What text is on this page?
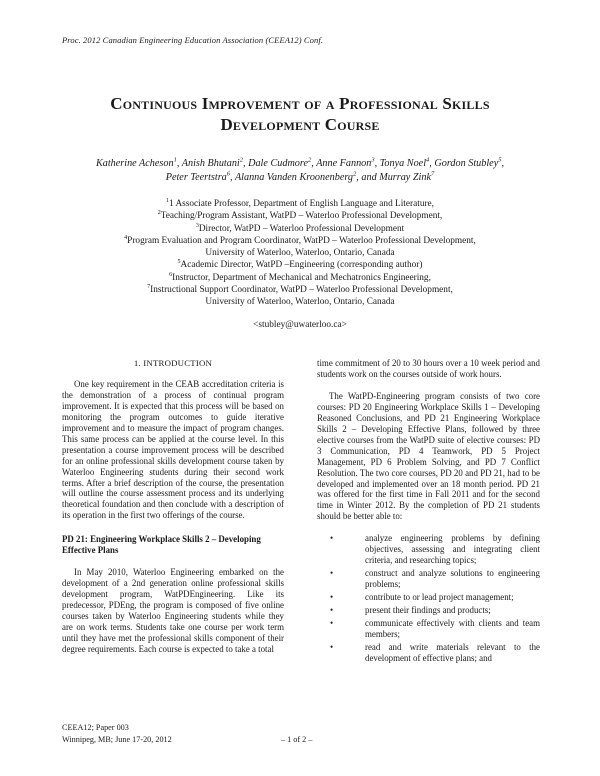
Proc. 2012 Canadian Engineering Education Association (CEEA12) Conf.
Continuous Improvement of a Professional Skills
Development Course
Katherine Acheson$^1$, Anish Bhutani$^2$, Dale Cudmore$^2$, Anne Fannon$^3$, Tonya Noel$^4$, Gordon Stubley$^5$,
Peter Teertstra$^6$, Alanna Vanden Kroonenberg$^2$, and Murray Zink$^7$
$^1$1 Associate Professor, Department of English Language and Literature,
$^2$Teaching/Program Assistant, WatPD – Waterloo Professional Development,
$^3$Director, WatPD – Waterloo Professional Development
$^4$Program Evaluation and Program Coordinator, WatPD – Waterloo Professional Development,
University of Waterloo, Waterloo, Ontario, Canada
$^5$Academic Director, WatPD –Engineering (corresponding author)
$^6$Instructor, Department of Mechanical and Mechatronics Engineering,
$^7$Instructional Support Coordinator, WatPD – Waterloo Professional Development,
University of Waterloo, Waterloo, Ontario, Canada
<stubley@uwaterloo.ca>
1. INTRODUCTION

One key requirement in the CEAB accreditation criteria is the demonstration of a process of continual program improvement. It is expected that this process will be based on monitoring the program outcomes to guide iterative improvement and to measure the impact of program changes. This same process can be applied at the course level. In this presentation a course improvement process will be described for an online professional skills development course taken by Waterloo Engineering students during their second work terms. After a brief description of the course, the presentation will outline the course assessment process and its underlying theoretical foundation and then conclude with a description of its operation in the first two offerings of the course.

PD 21: Engineering Workplace Skills 2 – Developing Effective Plans

In May 2010, Waterloo Engineering embarked on the development of a 2nd generation online professional skills development program, WatPDEngineering. Like its predecessor, PDEng, the program is composed of five online courses taken by Waterloo Engineering students while they are on work terms. Students take one course per work term until they have met the professional skills component of their degree requirements. Each course is expected to take a total

time commitment of 20 to 30 hours over a 10 week period and students work on the courses outside of work hours.

The WatPD-Engineering program consists of two core courses: PD 20 Engineering Workplace Skills 1 – Developing Reasoned Conclusions, and PD 21 Engineering Workplace Skills 2 – Developing Effective Plans, followed by three elective courses from the WatPD suite of elective courses: PD 3 Communication, PD 4 Teamwork, PD 5 Project Management, PD 6 Problem Solving, and PD 7 Conflict Resolution. The two core courses, PD 20 and PD 21, had to be developed and implemented over an 18 month period. PD 21 was offered for the first time in Fall 2011 and for the second time in Winter 2012. By the completion of PD 21 students should be better able to:

•	analyze engineering problems by defining objectives, assessing and integrating client criteria, and researching topics;
•	construct and analyze solutions to engineering problems;
•	contribute to or lead project management;
•	present their findings and products;
•	communicate effectively with clients and team members;
•	read and write materials relevant to the development of effective plans; and
CEEA12; Paper 003
Winnipeg, MB; June 17-20, 2012	– 1 of 2 –
